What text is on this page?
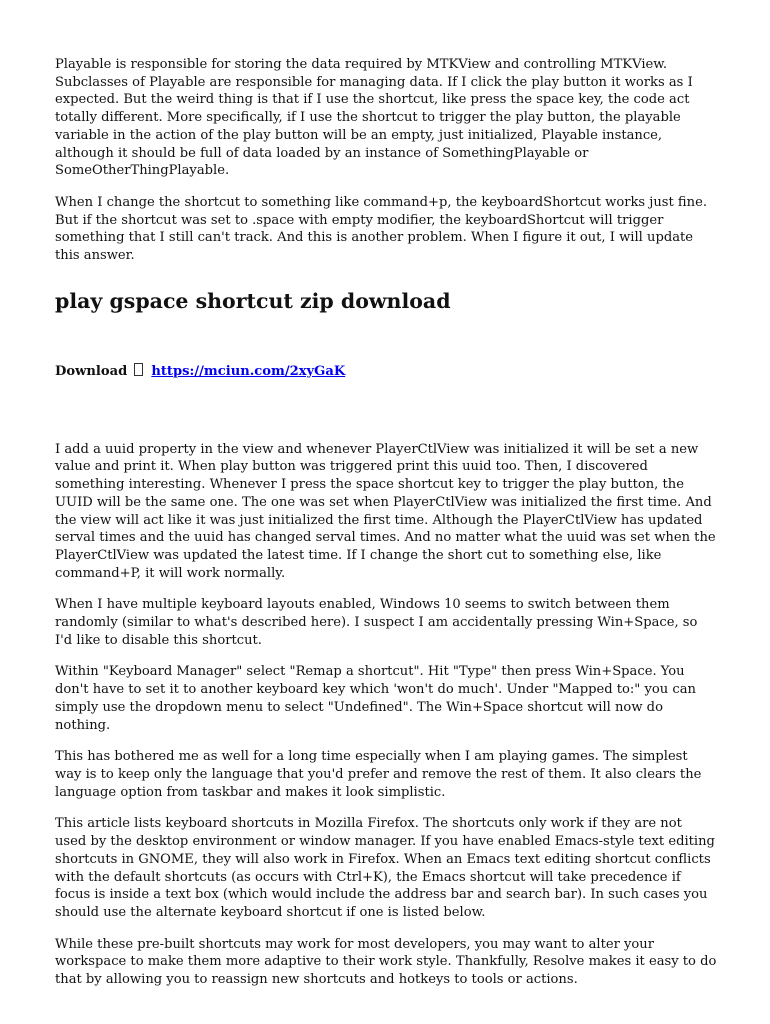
Playable is responsible for storing the data required by MTKView and controlling MTKView. Subclasses of Playable are responsible for managing data. If I click the play button it works as I expected. But the weird thing is that if I use the shortcut, like press the space key, the code act totally different. More specifically, if I use the shortcut to trigger the play button, the playable variable in the action of the play button will be an empty, just initialized, Playable instance, although it should be full of data loaded by an instance of SomethingPlayable or SomeOtherThingPlayable.

When I change the shortcut to something like command+p, the keyboardShortcut works just fine. But if the shortcut was set to .space with empty modifier, the keyboardShortcut will trigger something that I still can't track. And this is another problem. When I figure it out, I will update this answer.

play gspace shortcut zip download
Download https://mciun.com/2xyGaK

I add a uuid property in the view and whenever PlayerCtlView was initialized it will be set a new value and print it. When play button was triggered print this uuid too. Then, I discovered something interesting. Whenever I press the space shortcut key to trigger the play button, the UUID will be the same one. The one was set when PlayerCtlView was initialized the first time. And the view will act like it was just initialized the first time. Although the PlayerCtlView has updated serval times and the uuid has changed serval times. And no matter what the uuid was set when the PlayerCtlView was updated the latest time. If I change the short cut to something else, like command+P, it will work normally.

When I have multiple keyboard layouts enabled, Windows 10 seems to switch between them randomly (similar to what's described here). I suspect I am accidentally pressing Win+Space, so I'd like to disable this shortcut.

Within "Keyboard Manager" select "Remap a shortcut". Hit "Type" then press Win+Space. You don't have to set it to another keyboard key which 'won't do much'. Under "Mapped to:" you can simply use the dropdown menu to select "Undefined". The Win+Space shortcut will now do nothing.

This has bothered me as well for a long time especially when I am playing games. The simplest way is to keep only the language that you'd prefer and remove the rest of them. It also clears the language option from taskbar and makes it look simplistic.

This article lists keyboard shortcuts in Mozilla Firefox. The shortcuts only work if they are not used by the desktop environment or window manager. If you have enabled Emacs-style text editing shortcuts in GNOME, they will also work in Firefox. When an Emacs text editing shortcut conflicts with the default shortcuts (as occurs with Ctrl+K), the Emacs shortcut will take precedence if focus is inside a text box (which would include the address bar and search bar). In such cases you should use the alternate keyboard shortcut if one is listed below.

While these pre-built shortcuts may work for most developers, you may want to alter your workspace to make them more adaptive to their work style. Thankfully, Resolve makes it easy to do that by allowing you to reassign new shortcuts and hotkeys to tools or actions.
